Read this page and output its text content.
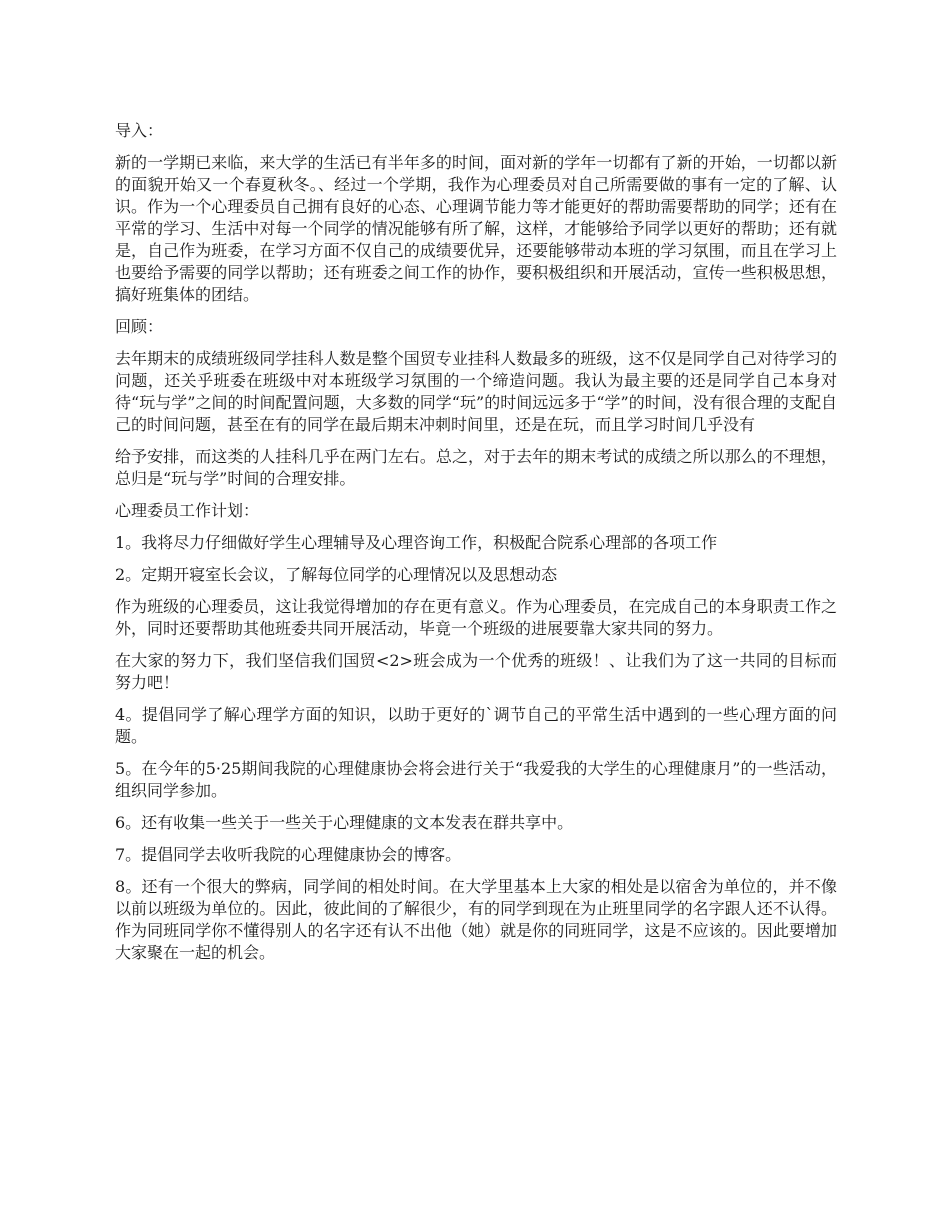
导入：

新的一学期已来临，来大学的生活已有半年多的时间，面对新的学年一切都有了新的开始，一切都以新的面貌开始又一个春夏秋冬。、经过一个学期，我作为心理委员对自己所需要做的事有一定的了解、认识。作为一个心理委员自己拥有良好的心态、心理调节能力等才能更好的帮助需要帮助的同学；还有在平常的学习、生活中对每一个同学的情况能够有所了解，这样，才能够给予同学以更好的帮助；还有就是，自己作为班委，在学习方面不仅自己的成绩要优异，还要能够带动本班的学习氛围，而且在学习上也要给予需要的同学以帮助；还有班委之间工作的协作，要积极组织和开展活动，宣传一些积极思想，搞好班集体的团结。

回顾：

去年期末的成绩班级同学挂科人数是整个国贸专业挂科人数最多的班级，这不仅是同学自己对待学习的问题，还关乎班委在班级中对本班级学习氛围的一个缔造问题。我认为最主要的还是同学自己本身对待“玩与学”之间的时间配置问题，大多数的同学“玩”的时间远远多于“学”的时间，没有很合理的支配自己的时间问题，甚至在有的同学在最后期末冲刺时间里，还是在玩，而且学习时间几乎没有

给予安排，而这类的人挂科几乎在两门左右。总之，对于去年的期末考试的成绩之所以那么的不理想，总归是“玩与学”时间的合理安排。

心理委员工作计划：

1。我将尽力仔细做好学生心理辅导及心理咨询工作，积极配合院系心理部的各项工作

2。定期开寝室长会议，了解每位同学的心理情况以及思想动态

作为班级的心理委员，这让我觉得增加的存在更有意义。作为心理委员，在完成自己的本身职责工作之外，同时还要帮助其他班委共同开展活动，毕竟一个班级的进展要靠大家共同的努力。

在大家的努力下，我们坚信我们国贸<2>班会成为一个优秀的班级！、让我们为了这一共同的目标而努力吧！

4。提倡同学了解心理学方面的知识，以助于更好的`调节自己的平常生活中遇到的一些心理方面的问题。

5。在今年的5·25期间我院的心理健康协会将会进行关于“我爱我的大学生的心理健康月”的一些活动，组织同学参加。

6。还有收集一些关于一些关于心理健康的文本发表在群共享中。

7。提倡同学去收听我院的心理健康协会的博客。

8。还有一个很大的弊病，同学间的相处时间。在大学里基本上大家的相处是以宿舍为单位的，并不像以前以班级为单位的。因此，彼此间的了解很少，有的同学到现在为止班里同学的名字跟人还不认得。作为同班同学你不懂得别人的名字还有认不出他（她）就是你的同班同学，这是不应该的。因此要增加大家聚在一起的机会。
